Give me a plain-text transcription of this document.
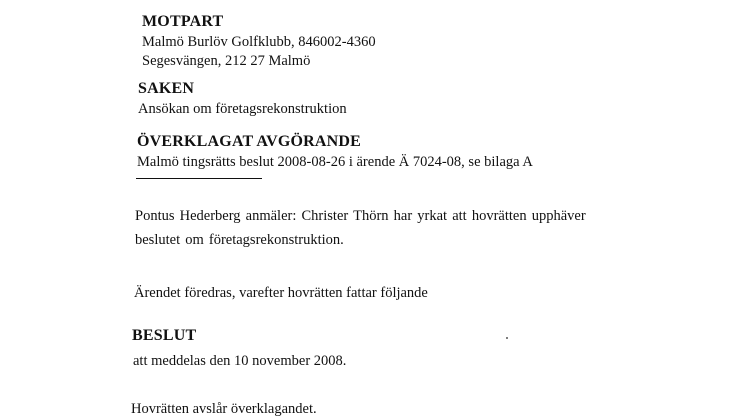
MOTPART
Malmö Burlöv Golfklubb, 846002-4360
Segesvängen, 212 27 Malmö
SAKEN
Ansökan om företagsrekonstruktion
ÖVERKLAGAT AVGÖRANDE
Malmö tingsrätts beslut 2008-08-26 i ärende Ä 7024-08, se bilaga A
Pontus Hederberg anmäler: Christer Thörn har yrkat att hovrätten upphäver beslutet om företagsrekonstruktion.
Ärendet föredras, varefter hovrätten fattar följande
BESLUT
att meddelas den 10 november 2008.
Hovrätten avslår överklagandet.
